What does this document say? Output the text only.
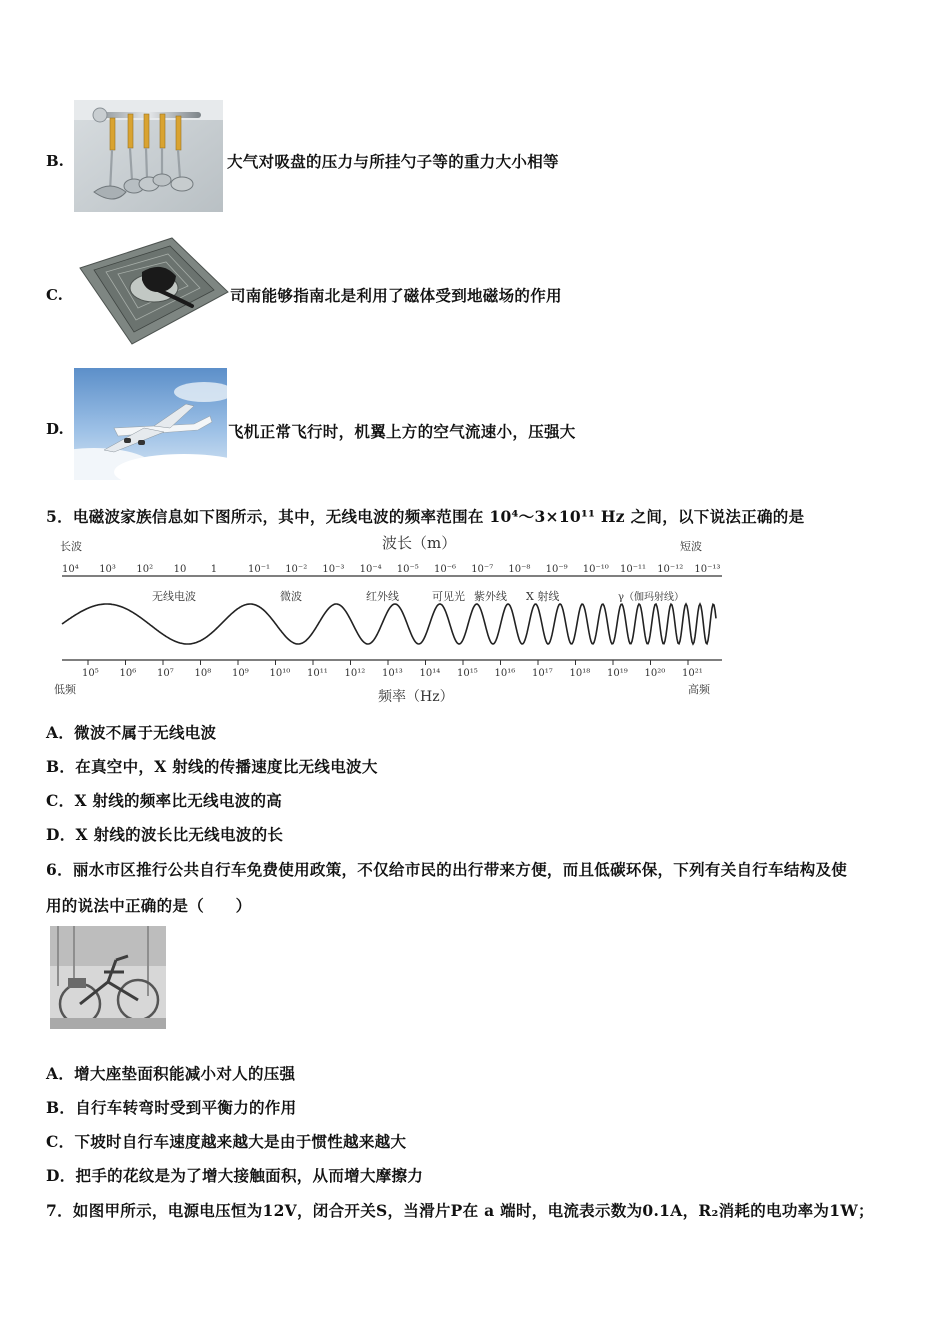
B.	大气对吸盘的压力与所挂勺子等的重力大小相等
C.	司南能够指南北是利用了磁体受到地磁场的作用
D.	飞机正常飞行时，机翼上方的空气流速小，压强大
5．电磁波家族信息如下图所示，其中，无线电波的频率范围在 10⁴～3×10¹¹ Hz 之间，以下说法正确的是
长波	波长（m）	短波
10⁴ 10³ 10² 10 1	10⁻¹ 10⁻² 10⁻³ 10⁻⁴ 10⁻⁵ 10⁻⁶ 10⁻⁷ 10⁻⁸ 10⁻⁹ 10⁻¹⁰ 10⁻¹¹ 10⁻¹² 10⁻¹³
无线电波	微波	红外线	可见光 紫外线 X 射线	γ（伽玛射线）
10⁵ 10⁶ 10⁷ 10⁸ 10⁹ 10¹⁰ 10¹¹ 10¹² 10¹³ 10¹⁴ 10¹⁵ 10¹⁶ 10¹⁷ 10¹⁸ 10¹⁹ 10²⁰ 10²¹
低频	频率（Hz）	高频
A．微波不属于无线电波
B．在真空中，X 射线的传播速度比无线电波大
C．X 射线的频率比无线电波的高
D．X 射线的波长比无线电波的长
6．丽水市区推行公共自行车免费使用政策，不仅给市民的出行带来方便，而且低碳环保，下列有关自行车结构及使
用的说法中正确的是（　　）
A．增大座垫面积能减小对人的压强
B．自行车转弯时受到平衡力的作用
C．下坡时自行车速度越来越大是由于惯性越来越大
D．把手的花纹是为了增大接触面积，从而增大摩擦力
7．如图甲所示，电源电压恒为12V，闭合开关S，当滑片P在 a 端时，电流表示数为0.1A，R₂消耗的电功率为1W；
